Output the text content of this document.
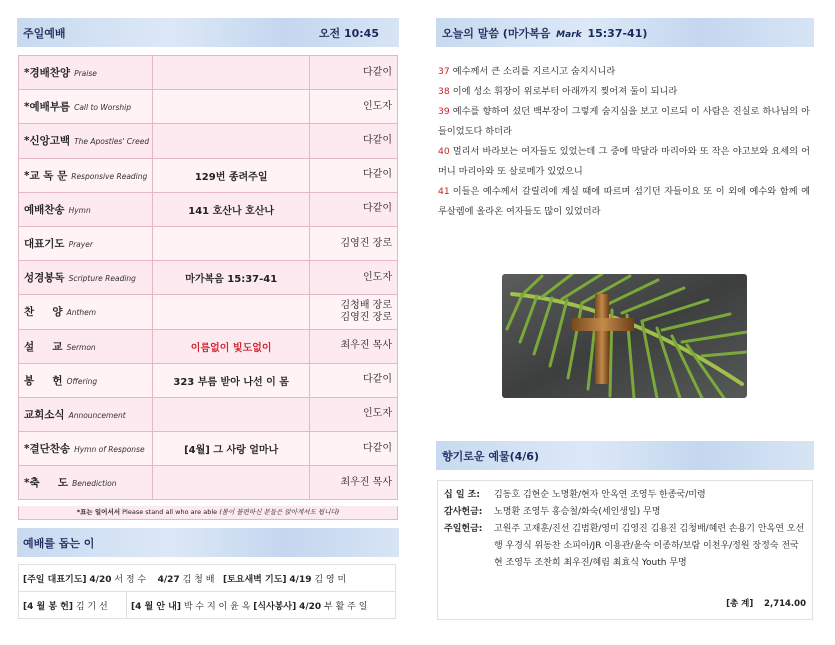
주일예배	오전 10:45
*경배찬양 Praise		다같이

*예배부름 Call to Worship		인도자

*신앙고백 The Apostles' Creed		다같이

*교 독 문 Responsive Reading	129번 종려주일	다같이

예배찬송 Hymn	141 호산나 호산나	다같이

대표기도 Prayer		김영진 장로

성경봉독 Scripture Reading	마가복음 15:37-41	인도자

찬     양 Anthem		김청배 장로
김영진 장로

설     교 Sermon	이름없이 빛도없이	최우진 목사

봉     헌 Offering	323 부름 받아 나선 이 몸	다같이

교회소식 Announcement		인도자

*결단찬송 Hymn of Response	[4월] 그 사랑 얼마나	다같이

*축     도 Benediction		최우진 목사
*표는 일어서서 Please stand all who are able (몸이 불편하신 분들은 앉아계셔도 됩니다)
예배를 돕는 이
[주일 대표기도] 4/20 서 정 수 4/27 김 청 배 [토요새벽 기도] 4/19 김 영 미
[4 월 봉 헌] 김 기 선	[4 월 안 내] 박 수 지 이 윤 옥 [식사봉사] 4/20 부 활 주 일
오늘의 말씀 (마가복음 Mark 15:37-41)
37 예수께서 큰 소리를 지르시고 숨지시니라
38 이에 성소 휘장이 위로부터 아래까지 찢어져 둘이 되니라
39 예수를 향하여 섰던 백부장이 그렇게 숨지심을 보고 이르되 이 사람은 진실로 하나님의 아들이었도다 하더라
40 멀리서 바라보는 여자들도 있었는데 그 중에 막달라 마리아와 또 작은 야고보와 요세의 어머니 마리아와 또 살로메가 있었으니
41 이들은 예수께서 갈릴리에 계실 때에 따르며 섬기던 자들이요 또 이 외에 예수와 함께 예루살렘에 올라온 여자들도 많이 있었더라
향기로운 예물(4/6)
십 일 조:	김동호 김현순 노명환/현자 안옥연 조영두 한종국/미령
감사헌금:	노명환 조영두 홍승철/화숙(세인생일) 무명
주일헌금:	고원주 고재훈/진선 김범환/영미 김영진 김용진 김청배/혜련 손용기 안옥연 오선행 우경식 위동찬 소피아/JR 이용관/윤숙 이종하/보람 이천우/정원 장정숙 전국현 조영두 조찬희 최우진/혜림 최효식 Youth 무명
[총 계] 2,714.00
